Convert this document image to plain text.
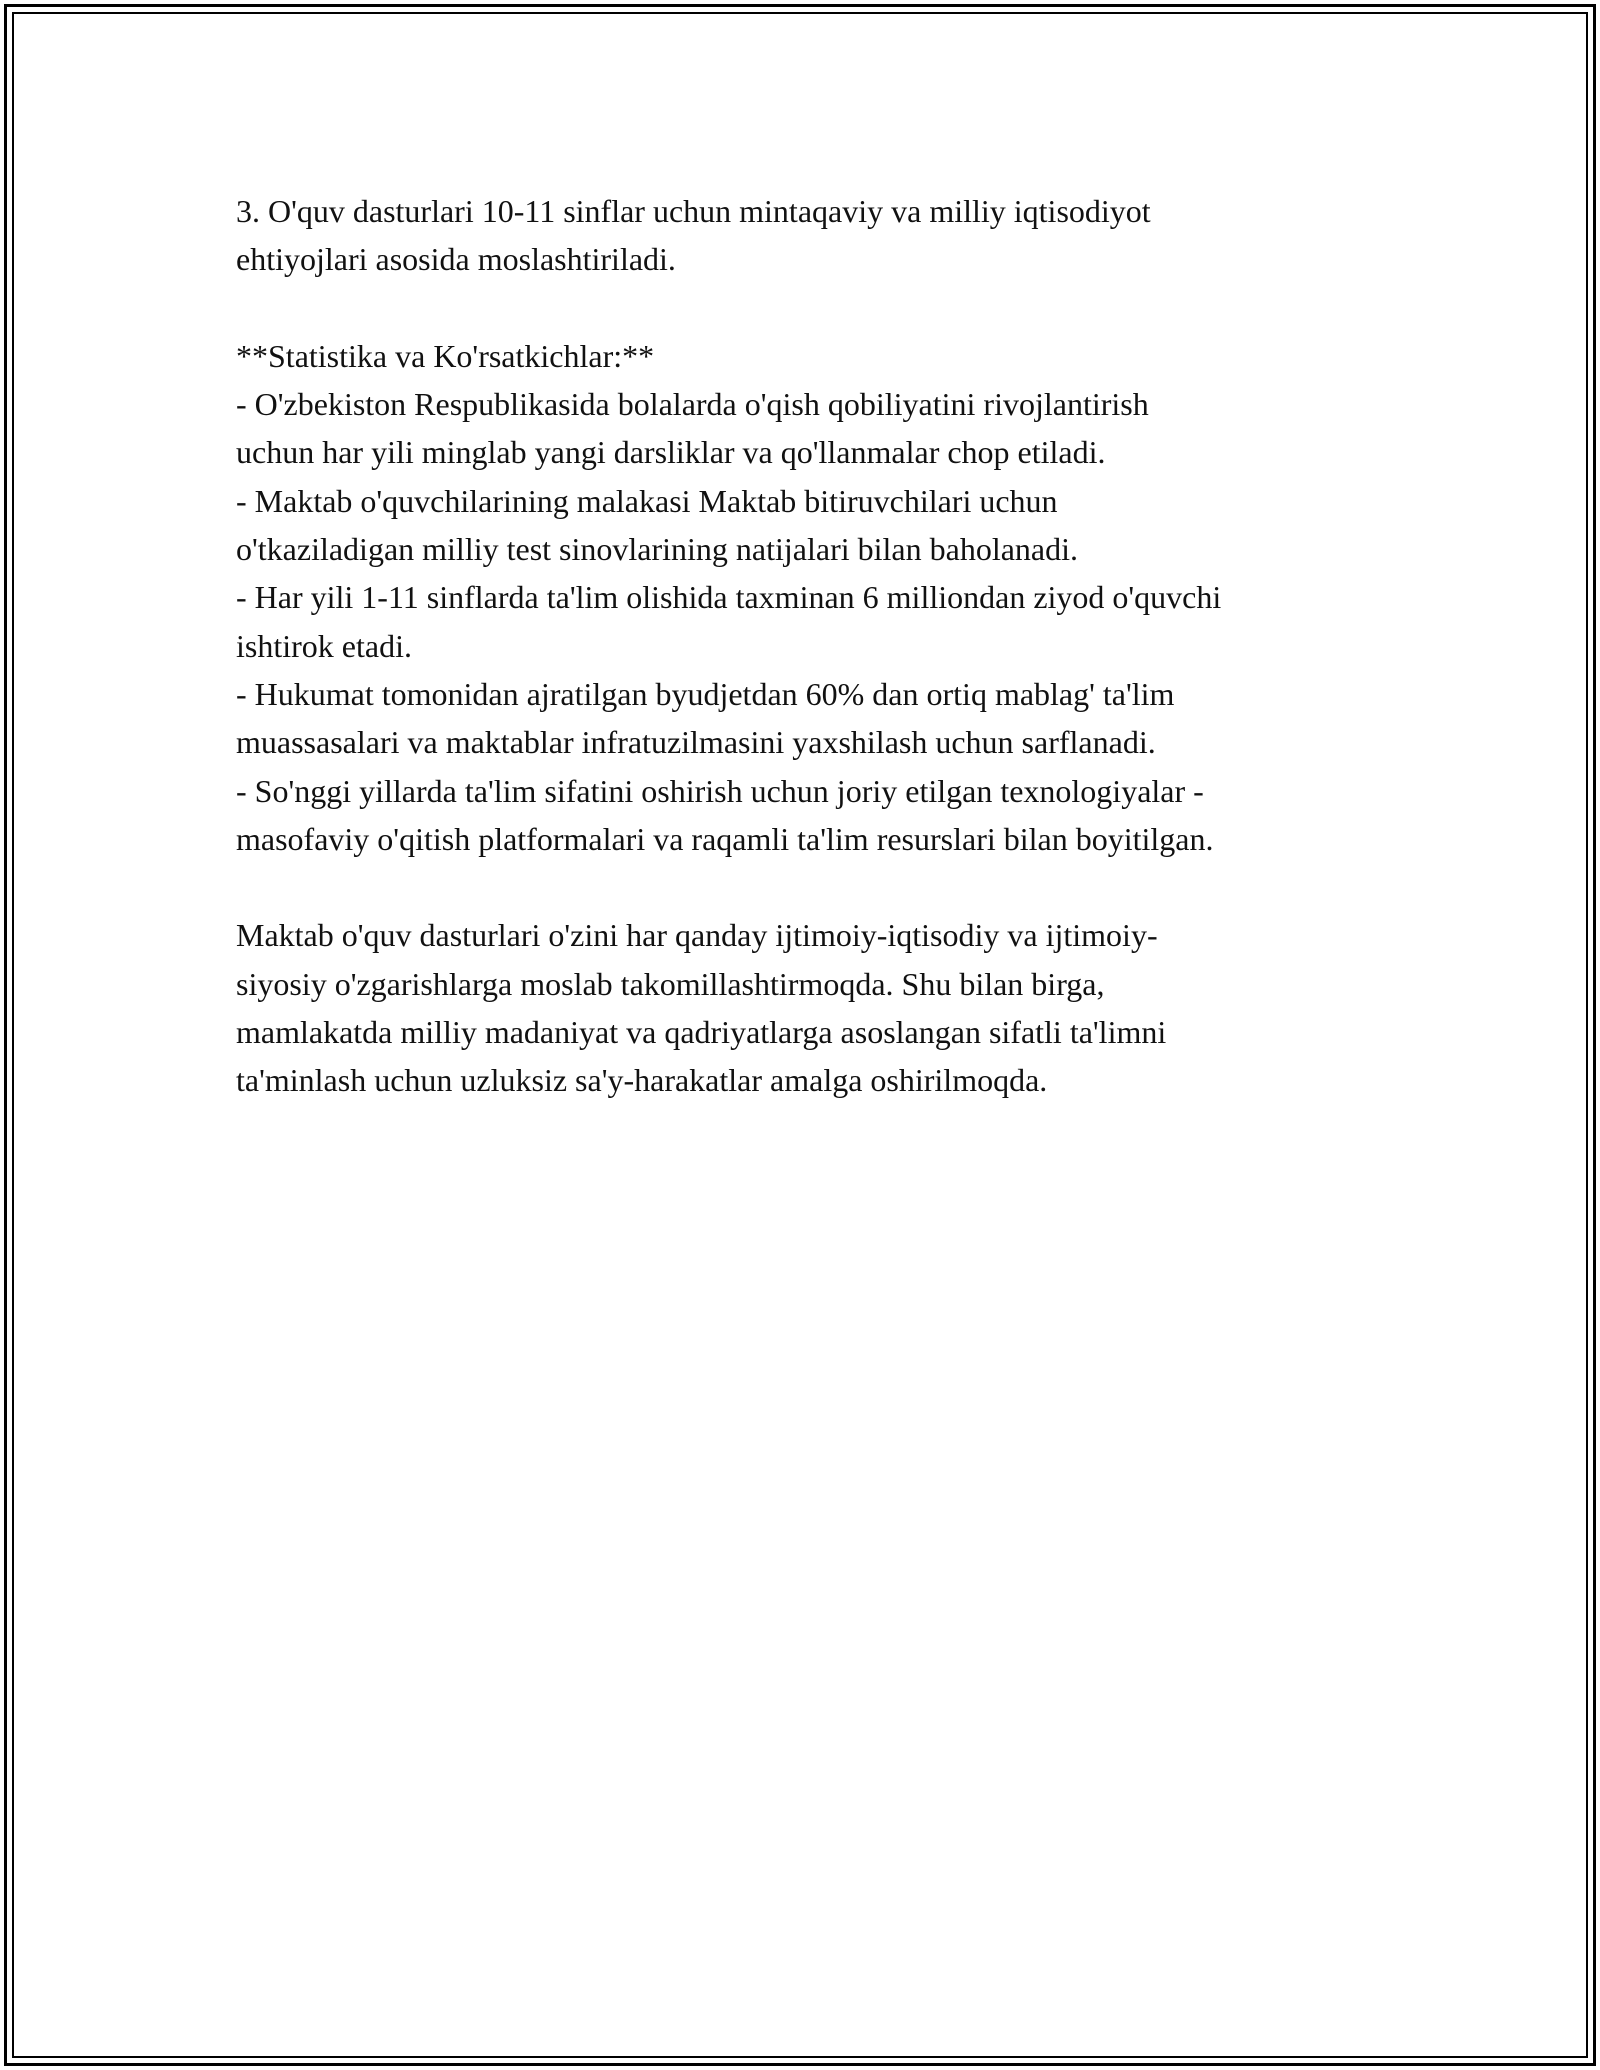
3. O'quv dasturlari 10-11 sinflar uchun mintaqaviy va milliy iqtisodiyot
ehtiyojlari asosida moslashtiriladi.
**Statistika va Ko'rsatkichlar:**
- O'zbekiston Respublikasida bolalarda o'qish qobiliyatini rivojlantirish
uchun har yili minglab yangi darsliklar va qo'llanmalar chop etiladi.
- Maktab o'quvchilarining malakasi Maktab bitiruvchilari uchun
o'tkaziladigan milliy test sinovlarining natijalari bilan baholanadi.
- Har yili 1-11 sinflarda ta'lim olishida taxminan 6 milliondan ziyod o'quvchi
ishtirok etadi.
- Hukumat tomonidan ajratilgan byudjetdan 60% dan ortiq mablag' ta'lim
muassasalari va maktablar infratuzilmasini yaxshilash uchun sarflanadi.
- So'nggi yillarda ta'lim sifatini oshirish uchun joriy etilgan texnologiyalar -
masofaviy o'qitish platformalari va raqamli ta'lim resurslari bilan boyitilgan.
Maktab o'quv dasturlari o'zini har qanday ijtimoiy-iqtisodiy va ijtimoiy-
siyosiy o'zgarishlarga moslab takomillashtirmoqda. Shu bilan birga,
mamlakatda milliy madaniyat va qadriyatlarga asoslangan sifatli ta'limni
ta'minlash uchun uzluksiz sa'y-harakatlar amalga oshirilmoqda.
